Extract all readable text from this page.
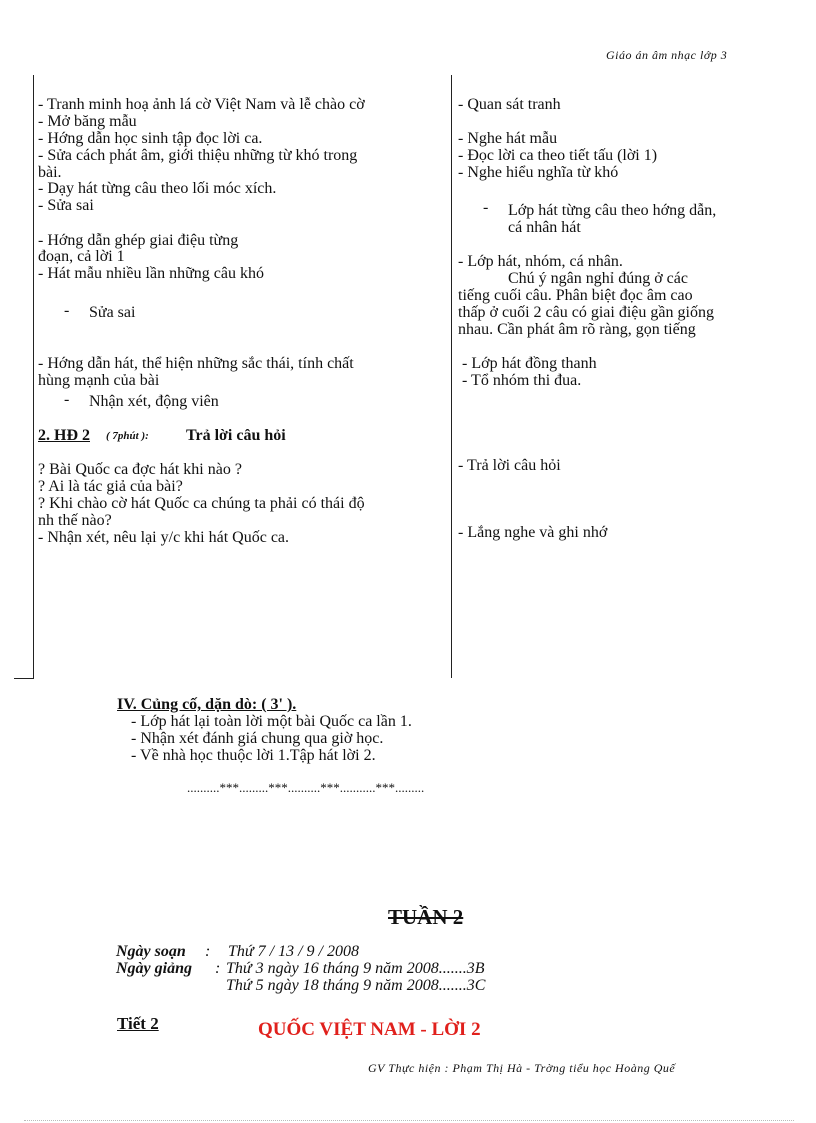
Giáo án âm nhạc lớp 3
- Tranh minh hoạ ảnh lá cờ Việt Nam và lễ chào cờ
- Mở băng mẫu
- Hớng dẫn học sinh tập đọc lời ca.
- Sửa cách phát âm, giới thiệu những từ khó trong
bài.
- Dạy hát từng câu theo lối móc xích.
- Sửa sai
- Hớng dẫn ghép giai điệu từng
đoạn, cả lời 1
- Hát mẫu nhiều lần những câu khó
- Sửa sai
- Hớng dẫn hát, thể hiện những sắc thái, tính chất
hùng mạnh của bài
- Nhận xét, động viên
2. HĐ 2 ( 7phút ): Trả lời câu hỏi
? Bài Quốc ca đợc hát khi nào ?
? Ai là tác giả của bài?
? Khi chào cờ hát Quốc ca chúng ta phải có thái độ
nh thế nào?
- Nhận xét, nêu lại y/c khi hát Quốc ca.
- Quan sát tranh
- Nghe hát mẫu
- Đọc lời ca theo tiết tấu (lời 1)
- Nghe hiểu nghĩa từ khó
- Lớp hát từng câu theo hớng dẫn,
cá nhân hát
- Lớp hát, nhóm, cá nhân.
Chú ý ngân nghỉ đúng ở các
tiếng cuối câu. Phân biệt đọc âm cao
thấp ở cuối 2 câu có giai điệu gần giống
nhau. Cần phát âm rõ ràng, gọn tiếng
- Lớp hát đồng thanh
- Tổ nhóm thi đua.
- Trả lời câu hỏi
- Lắng nghe và ghi nhớ
IV. Củng cố, dặn dò: ( 3' ).
- Lớp hát lại toàn lời một bài Quốc ca lần 1.
- Nhận xét đánh giá chung qua giờ học.
- Về nhà học thuộc lời 1.Tập hát lời 2.
..........***.........***..........***...........***.........
TUẦN 2
Ngày soạn : Thứ 7 / 13 / 9 / 2008
Ngày giảng : Thứ 3 ngày 16 tháng 9 năm 2008.......3B
Thứ 5 ngày 18 tháng 9 năm 2008.......3C
Tiết 2	QUỐC VIỆT NAM - LỜI 2
GV Thực hiện : Phạm Thị Hà - Trờng tiểu học Hoàng Quế
